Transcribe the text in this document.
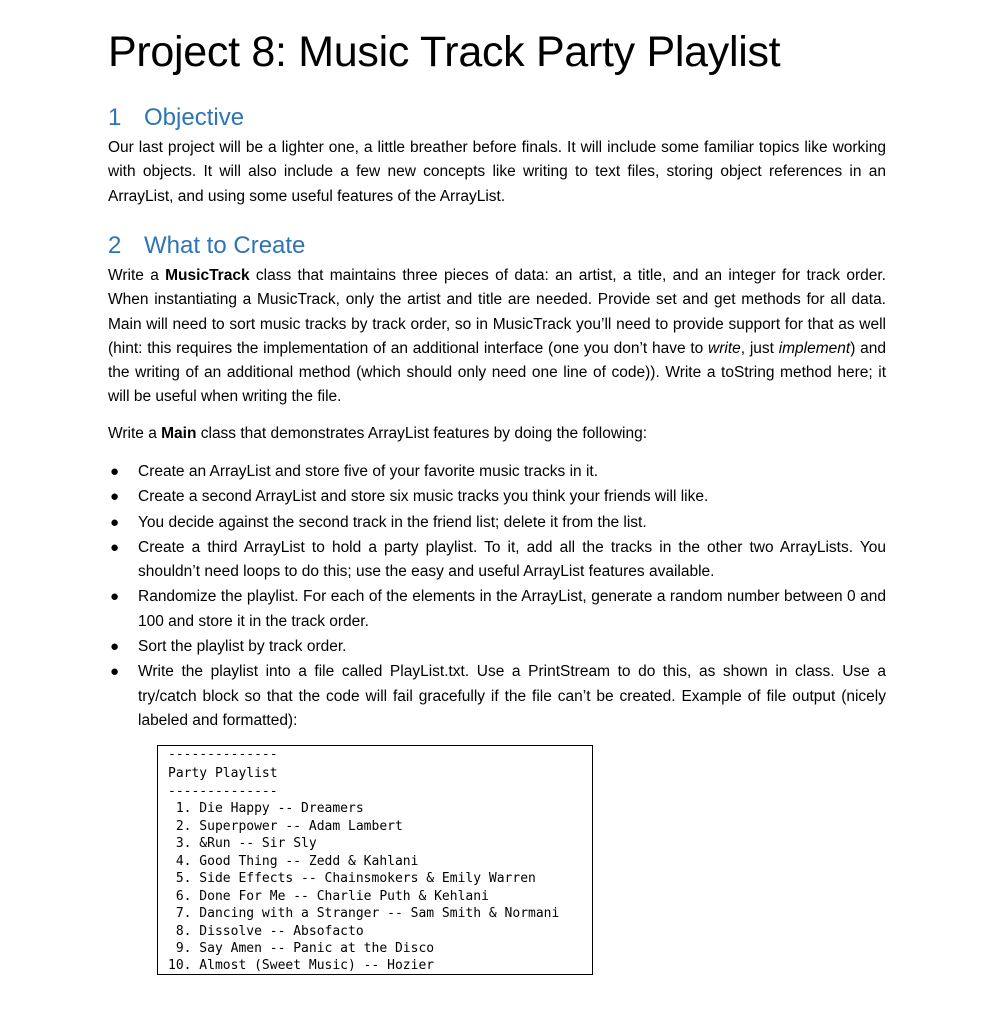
Project 8: Music Track Party Playlist
1 Objective

Our last project will be a lighter one, a little breather before finals. It will include some familiar topics like working with objects. It will also include a few new concepts like writing to text files, storing object references in an ArrayList, and using some useful features of the ArrayList.

2 What to Create

Write a MusicTrack class that maintains three pieces of data: an artist, a title, and an integer for track order. When instantiating a MusicTrack, only the artist and title are needed. Provide set and get methods for all data. Main will need to sort music tracks by track order, so in MusicTrack you’ll need to provide support for that as well (hint: this requires the implementation of an additional interface (one you don’t have to write, just implement) and the writing of an additional method (which should only need one line of code)). Write a toString method here; it will be useful when writing the file.

Write a Main class that demonstrates ArrayList features by doing the following:

● Create an ArrayList and store five of your favorite music tracks in it.
● Create a second ArrayList and store six music tracks you think your friends will like.
● You decide against the second track in the friend list; delete it from the list.
● Create a third ArrayList to hold a party playlist. To it, add all the tracks in the other two ArrayLists. You shouldn’t need loops to do this; use the easy and useful ArrayList features available.
● Randomize the playlist. For each of the elements in the ArrayList, generate a random number between 0 and 100 and store it in the track order.
● Sort the playlist by track order.
● Write the playlist into a file called PlayList.txt. Use a PrintStream to do this, as shown in class. Use a try/catch block so that the code will fail gracefully if the file can’t be created. Example of file output (nicely labeled and formatted):
--------------
Party Playlist
--------------
1. Die Happy -- Dreamers
2. Superpower -- Adam Lambert
3. &Run -- Sir Sly
4. Good Thing -- Zedd & Kahlani
5. Side Effects -- Chainsmokers & Emily Warren
6. Done For Me -- Charlie Puth & Kehlani
7. Dancing with a Stranger -- Sam Smith & Normani
8. Dissolve -- Absofacto
9. Say Amen -- Panic at the Disco
10. Almost (Sweet Music) -- Hozier
